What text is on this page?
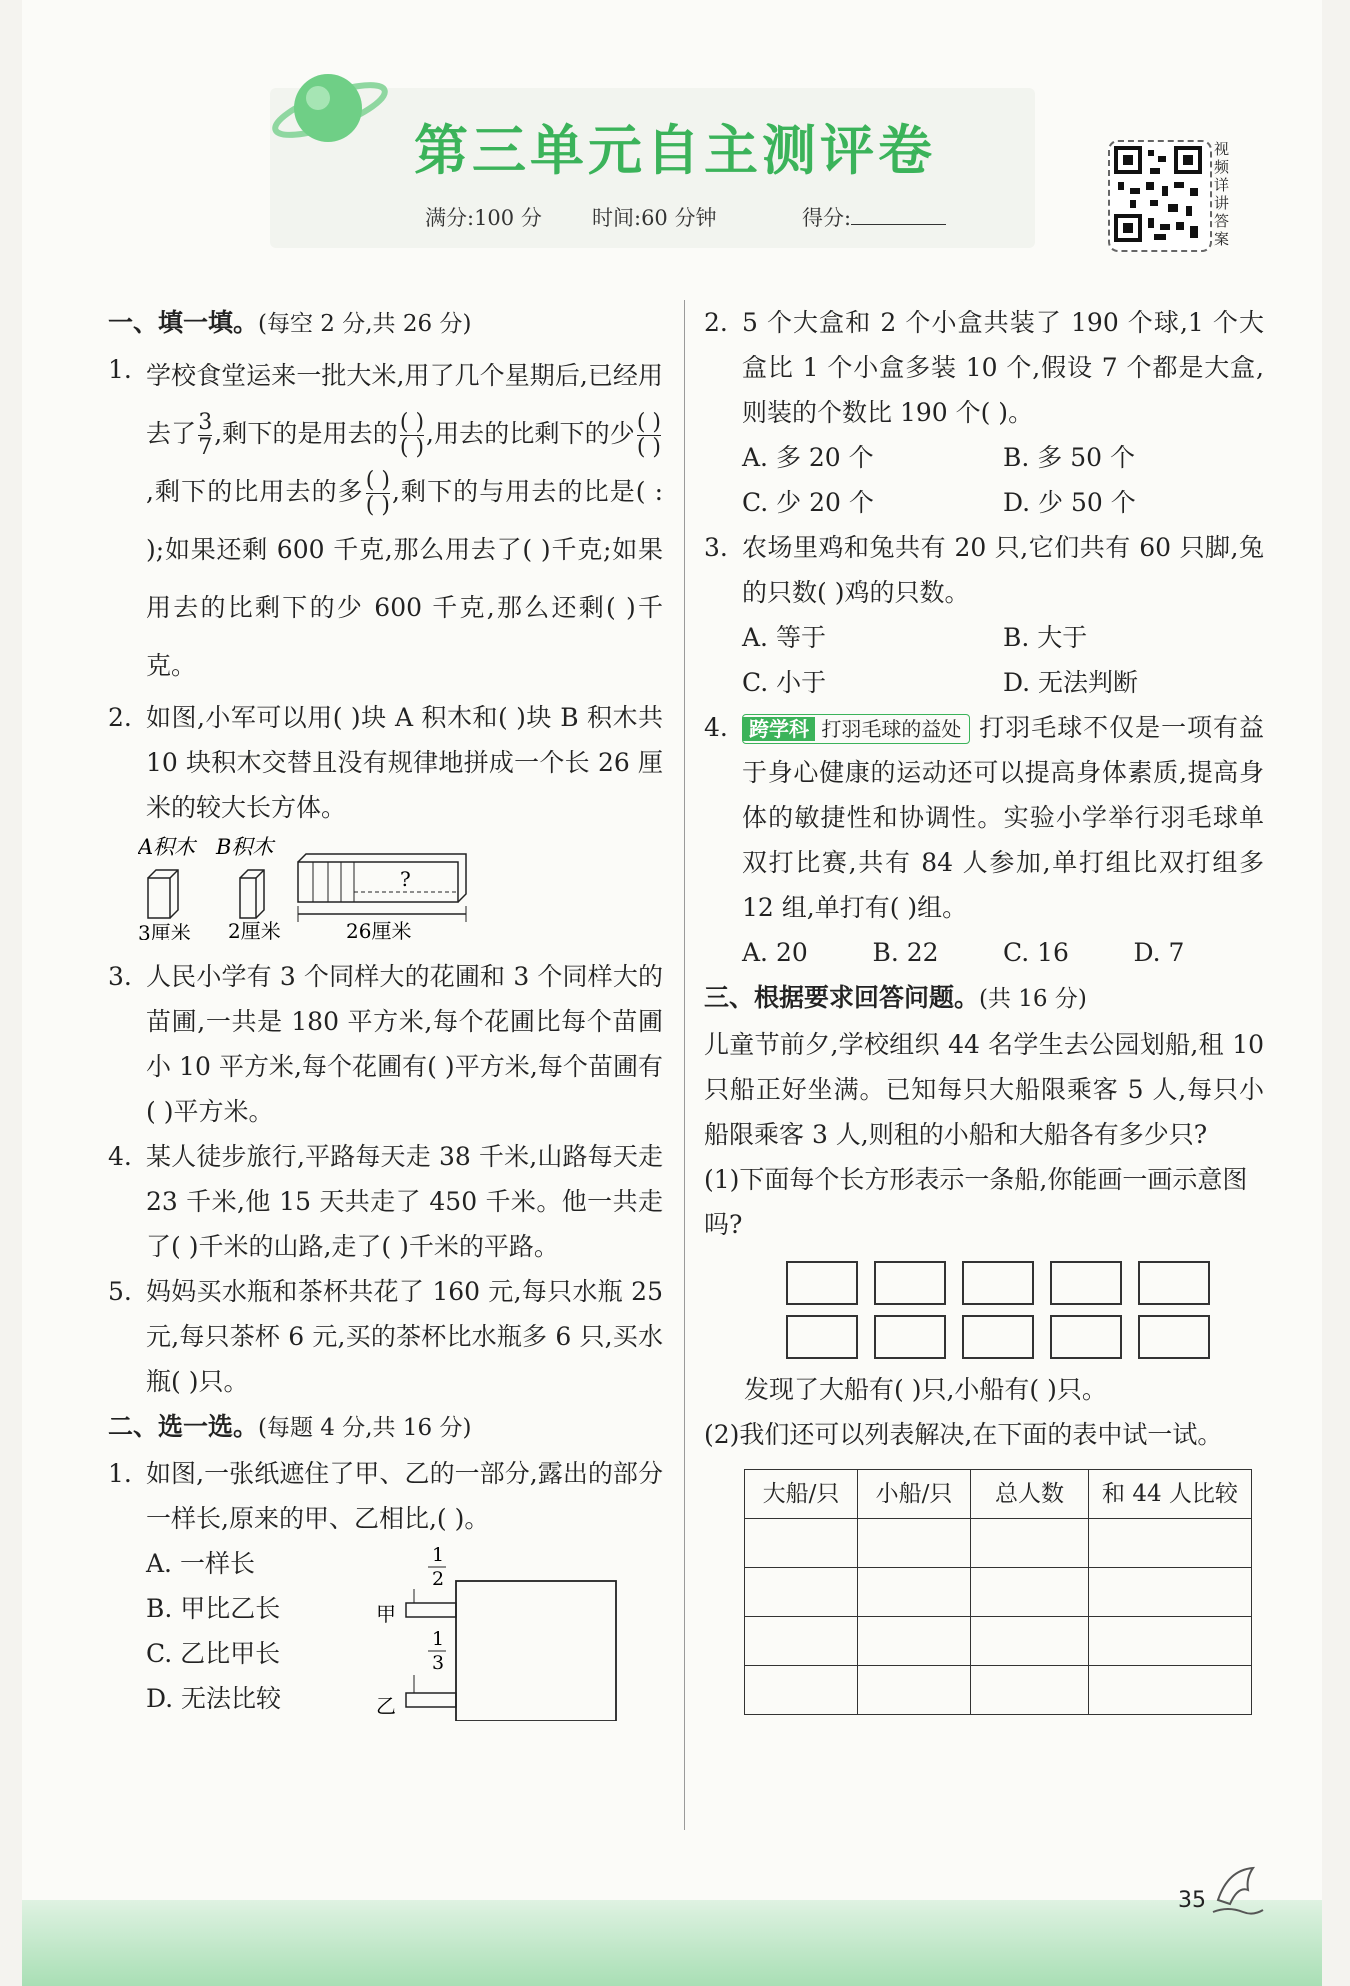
第三单元自主测评卷
满分:100 分 时间:60 分钟	得分:
视频详讲答案
一、填一填。(每空 2 分,共 26 分)
1. 学校食堂运来一批大米,用了几个星期后,已经用去了 $\frac{3}{7}$ ,剩下的是用去的 $\frac{( )}{( )}$ ,用去的比剩下的少 $\frac{( )}{( )}$
,剩下的比用去的多 $\frac{( )}{( )}$ ,剩下的与用去的比是( : );如果还剩 600 千克,那么用去了( )千克;如果用去的比剩下的少 600 千克,那么还剩( )千克。
2. 如图,小军可以用( )块 A 积木和( )块 B 积木共 10 块积木交替且没有规律地拼成一个长 26 厘米的较大长方体。
A积木 B积木
3厘米 2厘米
?
26厘米
3. 人民小学有 3 个同样大的花圃和 3 个同样大的苗圃,一共是 180 平方米,每个花圃比每个苗圃小 10 平方米,每个花圃有( )平方米,每个苗圃有( )平方米。
4. 某人徒步旅行,平路每天走 38 千米,山路每天走 23 千米,他 15 天共走了 450 千米。他一共走了( )千米的山路,走了( )千米的平路。
5. 妈妈买水瓶和茶杯共花了 160 元,每只水瓶 25 元,每只茶杯 6 元,买的茶杯比水瓶多 6 只,买水瓶( )只。
二、选一选。(每题 4 分,共 16 分)
1. 如图,一张纸遮住了甲、乙的一部分,露出的部分一样长,原来的甲、乙相比,( )。
A. 一样长
B. 甲比乙长
C. 乙比甲长
D. 无法比较
1
2
甲
1
3
乙
2. 5 个大盒和 2 个小盒共装了 190 个球,1 个大盒比 1 个小盒多装 10 个,假设 7 个都是大盒,则装的个数比 190 个( )。
A. 多 20 个	B. 多 50 个
C. 少 20 个	D. 少 50 个
3. 农场里鸡和兔共有 20 只,它们共有 60 只脚,兔的只数( )鸡的只数。
A. 等于	B. 大于
C. 小于	D. 无法判断
4.	跨学科 打羽毛球的益处 打羽毛球不仅是一项有益于身心健康的运动还可以提高身体素质,提高身体的敏捷性和协调性。实验小学举行羽毛球单双打比赛,共有 84 人参加,单打组比双打组多 12 组,单打有( )组。
A. 20	B. 22	C. 16	D. 7
三、根据要求回答问题。(共 16 分)
儿童节前夕,学校组织 44 名学生去公园划船,租 10 只船正好坐满。已知每只大船限乘客 5 人,每只小船限乘客 3 人,则租的小船和大船各有多少只?
(1)下面每个长方形表示一条船,你能画一画示意图吗?
发现了大船有( )只,小船有( )只。
(2)我们还可以列表解决,在下面的表中试一试。
大船/只	小船/只	总人数	和 44 人比较

35
